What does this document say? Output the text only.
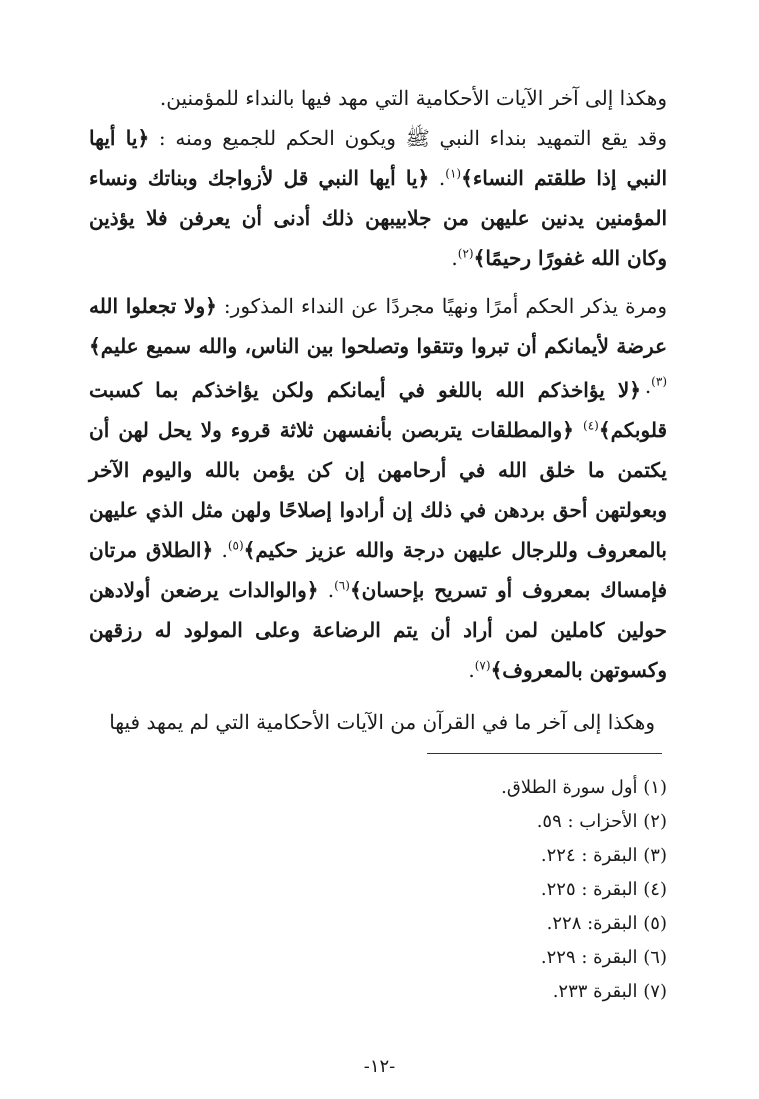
وهكذا إلى آخر الآيات الأحكامية التي مهد فيها بالنداء للمؤمنين.

وقد يقع التمهيد بنداء النبي ﷺ ويكون الحكم للجميع ومنه : ﴿يا أيها النبي إذا طلقتم النساء﴾$^{(١)}$. ﴿يا أيها النبي قل لأزواجك وبناتك ونساء المؤمنين يدنين عليهن من جلابيبهن ذلك أدنى أن يعرفن فلا يؤذين وكان الله غفورًا رحيمًا﴾$^{(٢)}$.

ومرة يذكر الحكم أمرًا ونهيًا مجردًا عن النداء المذكور: ﴿ولا تجعلوا الله عرضة لأيمانكم أن تبروا وتتقوا وتصلحوا بين الناس، والله سميع عليم﴾$^{(٣)}$.

﴿لا يؤاخذكم الله باللغو في أيمانكم ولكن يؤاخذكم بما كسبت قلوبكم﴾$^{(٤)}$ ﴿والمطلقات يتربصن بأنفسهن ثلاثة قروء ولا يحل لهن أن يكتمن ما خلق الله في أرحامهن إن كن يؤمن بالله واليوم الآخر وبعولتهن أحق بردهن في ذلك إن أرادوا إصلاحًا ولهن مثل الذي عليهن بالمعروف وللرجال عليهن درجة والله عزيز حكيم﴾$^{(٥)}$. ﴿الطلاق مرتان فإمساك بمعروف أو تسريح بإحسان﴾$^{(٦)}$. ﴿والوالدات يرضعن أولادهن حولين كاملين لمن أراد أن يتم الرضاعة وعلى المولود له رزقهن وكسوتهن بالمعروف﴾$^{(٧)}$.

وهكذا إلى آخر ما في القرآن من الآيات الأحكامية التي لم يمهد فيها

(١) أول سورة الطلاق.

(٢) الأحزاب : ٥٩.

(٣) البقرة : ٢٢٤.

(٤) البقرة : ٢٢٥.

(٥) البقرة: ٢٢٨.

(٦) البقرة : ٢٢٩.

(٧) البقرة ٢٣٣.

-١٢-
